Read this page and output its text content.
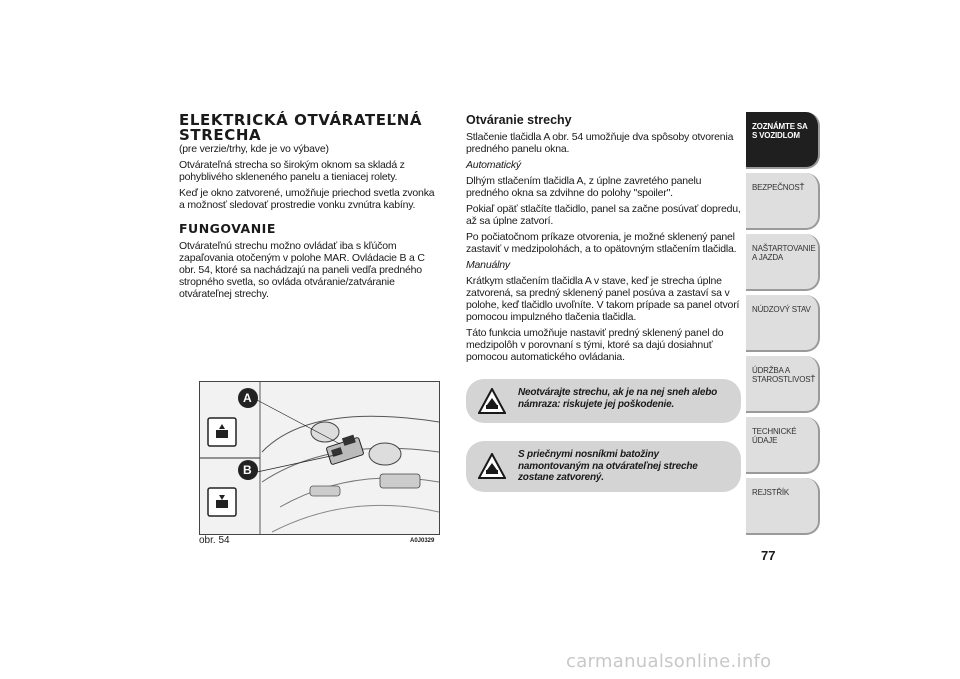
ELEKTRICKÁ OTVÁRATEĽNÁ
STRECHA

(pre verzie/trhy, kde je vo výbave)

Otvárateľná strecha so širokým oknom sa skladá z pohyblivého skleneného panelu a tieniacej rolety.

Keď je okno zatvorené, umožňuje priechod svetla zvonka a možnosť sledovať prostredie vonku zvnútra kabíny.

FUNGOVANIE

Otvárateľnú strechu možno ovládať iba s kľúčom zapaľovania otočeným v polohe MAR. Ovládacie B a C obr. 54, ktoré sa nachádzajú na paneli vedľa predného stropného svetla, so ovláda otváranie/zatváranie otvárateľnej strechy.

A
B
obr. 54	A0J0329
Otváranie strechy

Stlačenie tlačidla A obr. 54 umožňuje dva spôsoby otvorenia predného panelu okna.

Automatický

Dlhým stlačením tlačidla A, z úplne zavretého panelu predného okna sa zdvihne do polohy "spoiler".

Pokiaľ opäť stlačíte tlačidlo, panel sa začne posúvať dopredu, až sa úplne zatvorí.

Po počiatočnom príkaze otvorenia, je možné sklenený panel zastaviť v medzipolohách, a to opätovným stlačením tlačidla.

Manuálny

Krátkym stlačením tlačidla A v stave, keď je strecha úplne zatvorená, sa predný sklenený panel posúva a zastaví sa v polohe, keď tlačidlo uvoľníte. V takom prípade sa panel otvorí pomocou impulzného tlačenia tlačidla.

Táto funkcia umožňuje nastaviť predný sklenený panel do medzipolôh v porovnaní s tými, ktoré sa dajú dosiahnuť pomocou automatického ovládania.

Neotvárajte strechu, ak je na nej sneh alebo námraza: riskujete jej poškodenie.
S priečnymi nosníkmi batožiny namontovaným na otvárateľnej streche zostane zatvorený.
ZOZNÁMTE SA S VOZIDLOM
BEZPEČNOSŤ
NAŠTARTOVANIE A JAZDA
NÚDZOVÝ STAV
ÚDRŽBA A STAROSTLIVOSŤ
TECHNICKÉ ÚDAJE
REJSTŘÍK
77
carmanualsonline.info
